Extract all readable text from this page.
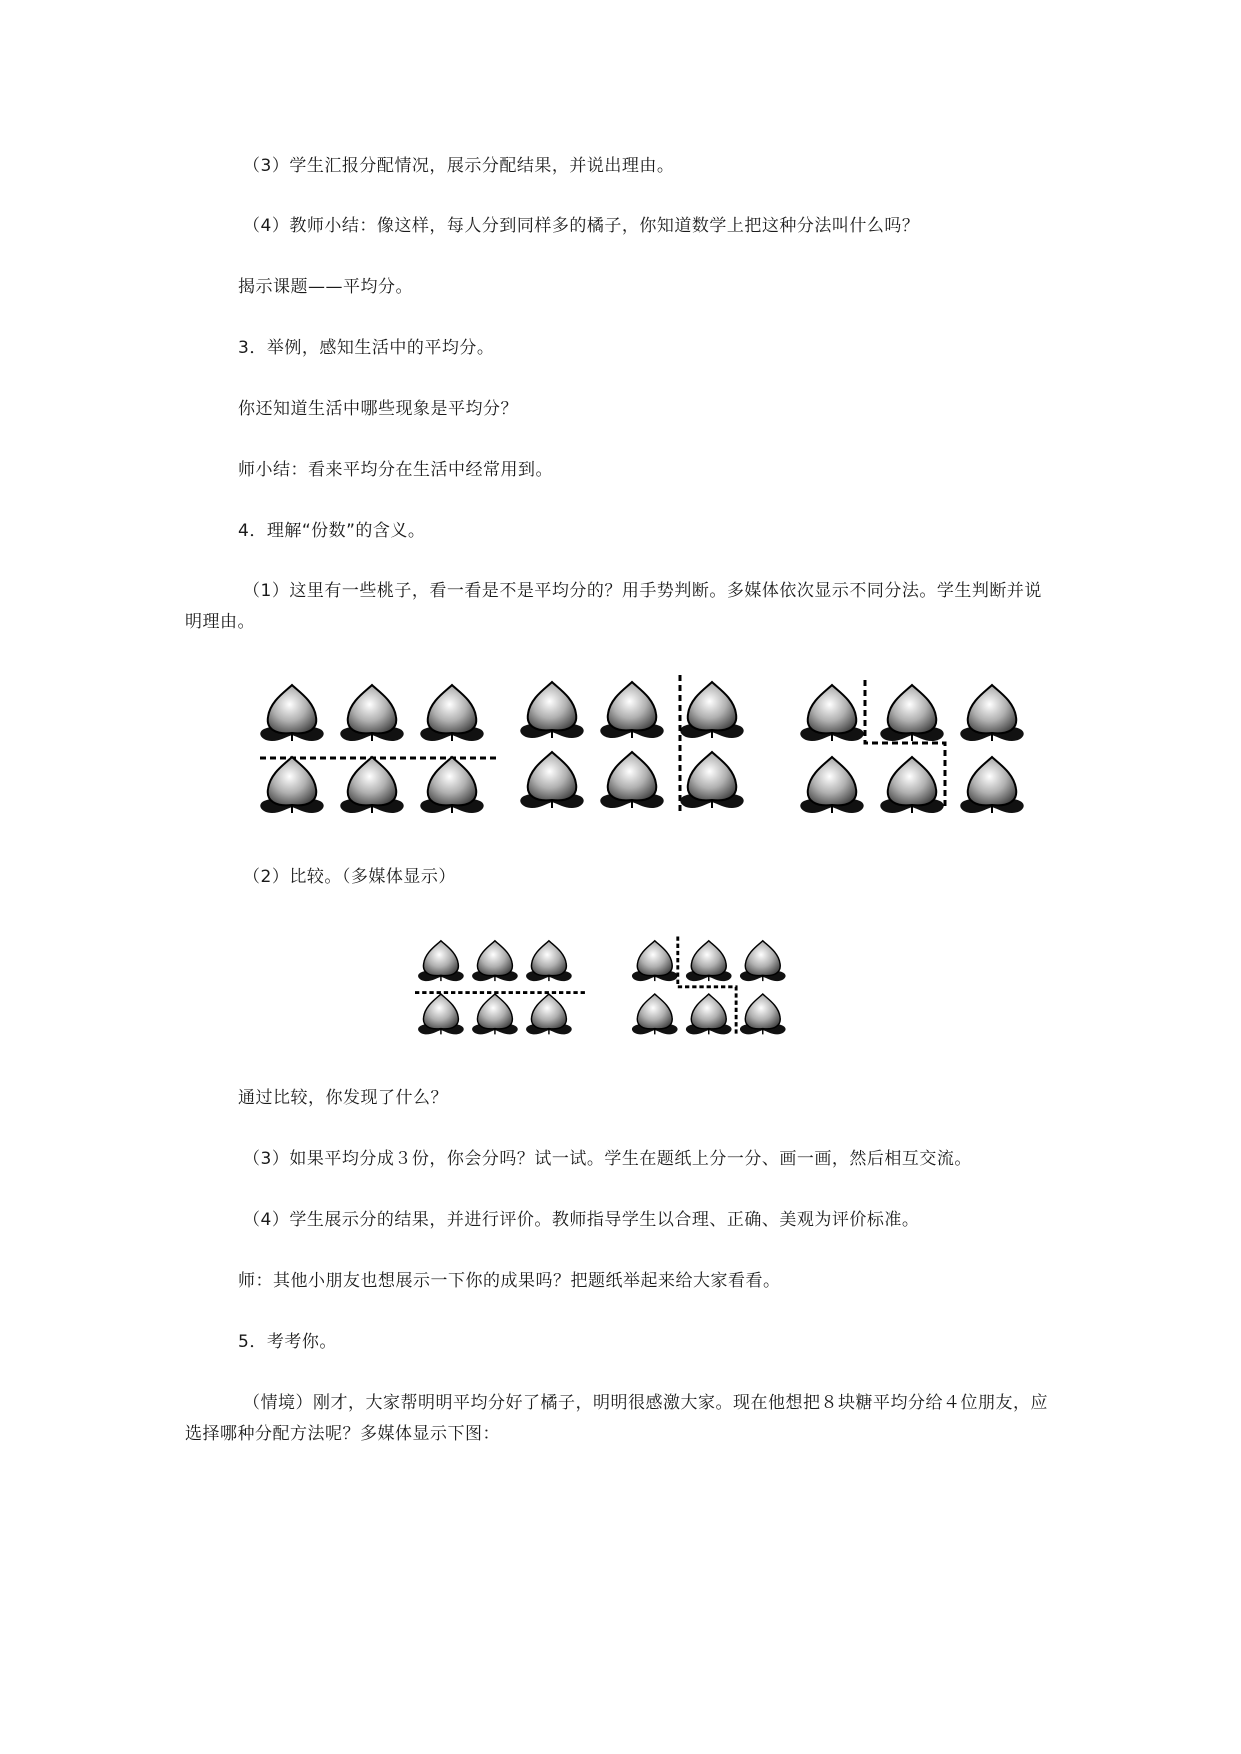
（3）学生汇报分配情况，展示分配结果，并说出理由。
（4）教师小结：像这样，每人分到同样多的橘子，你知道数学上把这种分法叫什么吗？
揭示课题——平均分。
3．举例，感知生活中的平均分。
你还知道生活中哪些现象是平均分？
师小结：看来平均分在生活中经常用到。
4．理解“份数”的含义。
（1）这里有一些桃子，看一看是不是平均分的？用手势判断。多媒体依次显示不同分法。学生判断并说明理由。
（2）比较。（多媒体显示）
通过比较，你发现了什么？
（3）如果平均分成３份，你会分吗？试一试。学生在题纸上分一分、画一画，然后相互交流。
（4）学生展示分的结果，并进行评价。教师指导学生以合理、正确、美观为评价标准。
师：其他小朋友也想展示一下你的成果吗？把题纸举起来给大家看看。
5．考考你。
（情境）刚才，大家帮明明平均分好了橘子，明明很感激大家。现在他想把８块糖平均分给４位朋友，应选择哪种分配方法呢？多媒体显示下图：
